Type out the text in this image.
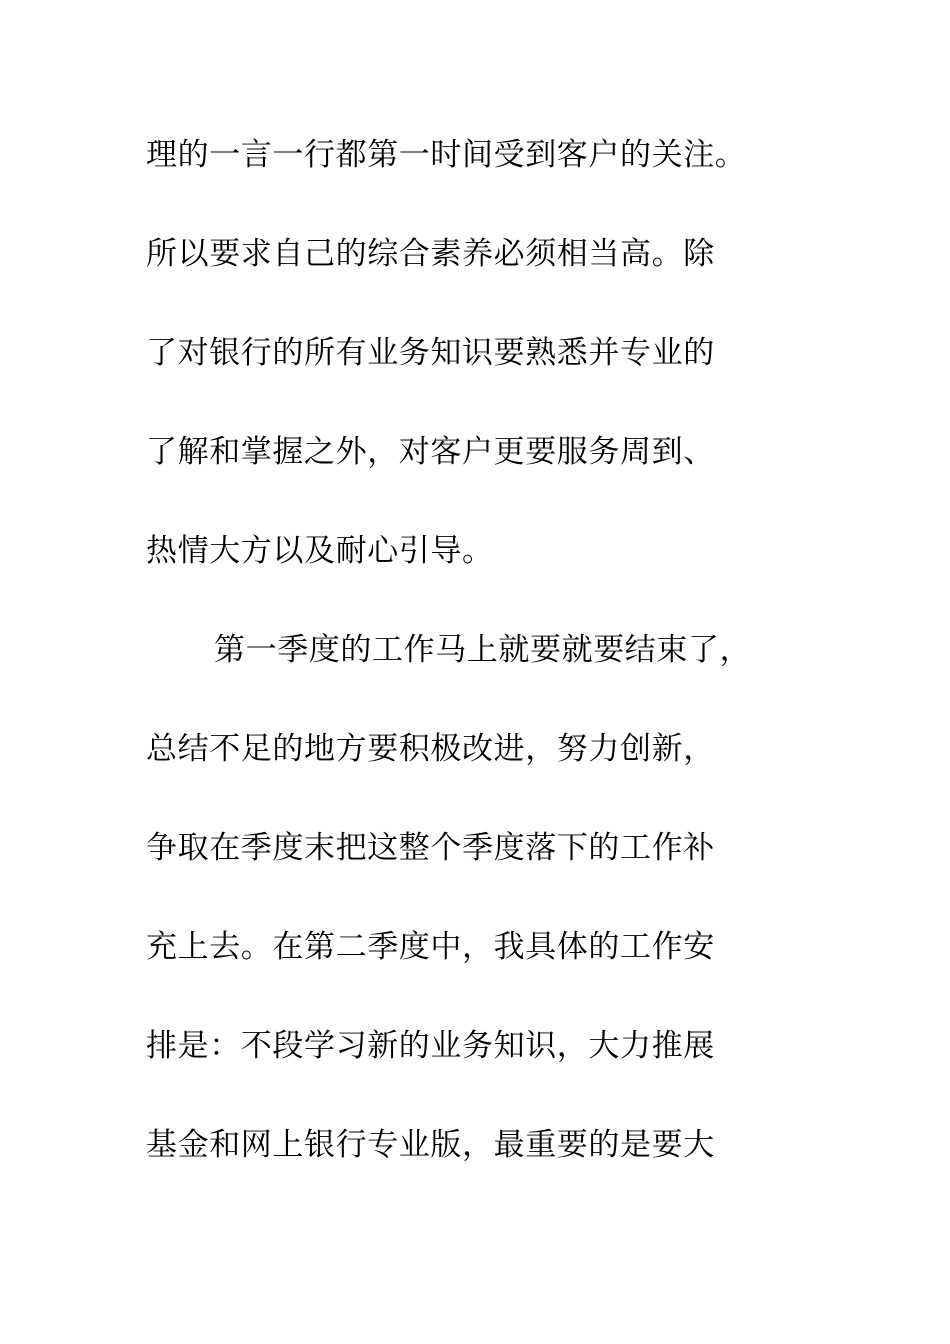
理的一言一行都第一时间受到客户的关注。
所以要求自己的综合素养必须相当高。除
了对银行的所有业务知识要熟悉并专业的
了解和掌握之外，对客户更要服务周到、
热情大方以及耐心引导。
第一季度的工作马上就要就要结束了，
总结不足的地方要积极改进，努力创新，
争取在季度末把这整个季度落下的工作补
充上去。在第二季度中，我具体的工作安
排是：不段学习新的业务知识，大力推展
基金和网上银行专业版，最重要的是要大
